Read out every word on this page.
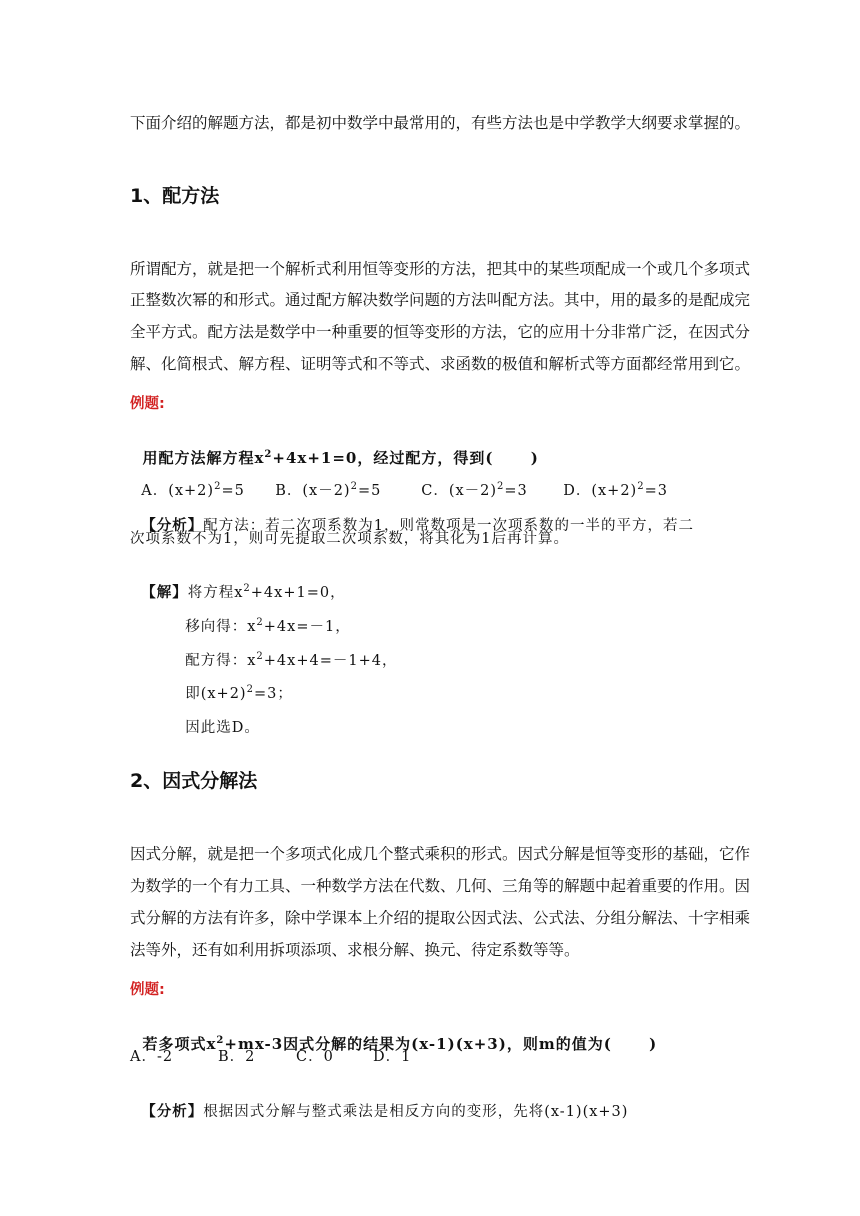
下面介绍的解题方法，都是初中数学中最常用的，有些方法也是中学教学大纲要求掌握的。
1、配方法
所谓配方，就是把一个解析式利用恒等变形的方法，把其中的某些项配成一个或几个多项式
正整数次幂的和形式。通过配方解决数学问题的方法叫配方法。其中，用的最多的是配成完
全平方式。配方法是数学中一种重要的恒等变形的方法，它的应用十分非常广泛，在因式分
解、化简根式、解方程、证明等式和不等式、求函数的极值和解析式等方面都经常用到它。
例题:

用配方法解方程$x^2+4x+1=0$，经过配方，得到(      )

A．$(x+2)^2=5$	B．$(x-2)^2=5$	C．$(x-2)^2=3$	D．$(x+2)^2=3$

【分析】配方法：若二次项系数为1，则常数项是一次项系数的一半的平方，若二

次项系数不为1，则可先提取二次项系数，将其化为1后再计算。

【解】将方程$x^2+4x+1=0$，

移向得：$x^2+4x=-1$，

配方得：$x^2+4x+4=-1+4$，

即$(x+2)^2=3$；

因此选D。

2、因式分解法
因式分解，就是把一个多项式化成几个整式乘积的形式。因式分解是恒等变形的基础，它作
为数学的一个有力工具、一种数学方法在代数、几何、三角等的解题中起着重要的作用。因
式分解的方法有许多，除中学课本上介绍的提取公因式法、公式法、分组分解法、十字相乘
法等外，还有如利用拆项添项、求根分解、换元、待定系数等等。
例题:

若多项式$x^2+mx-3$因式分解的结果为(x-1)(x+3)，则m的值为(      )

A．-2	B．2	C．0	D．1

【分析】根据因式分解与整式乘法是相反方向的变形，先将(x-1)(x+3)
